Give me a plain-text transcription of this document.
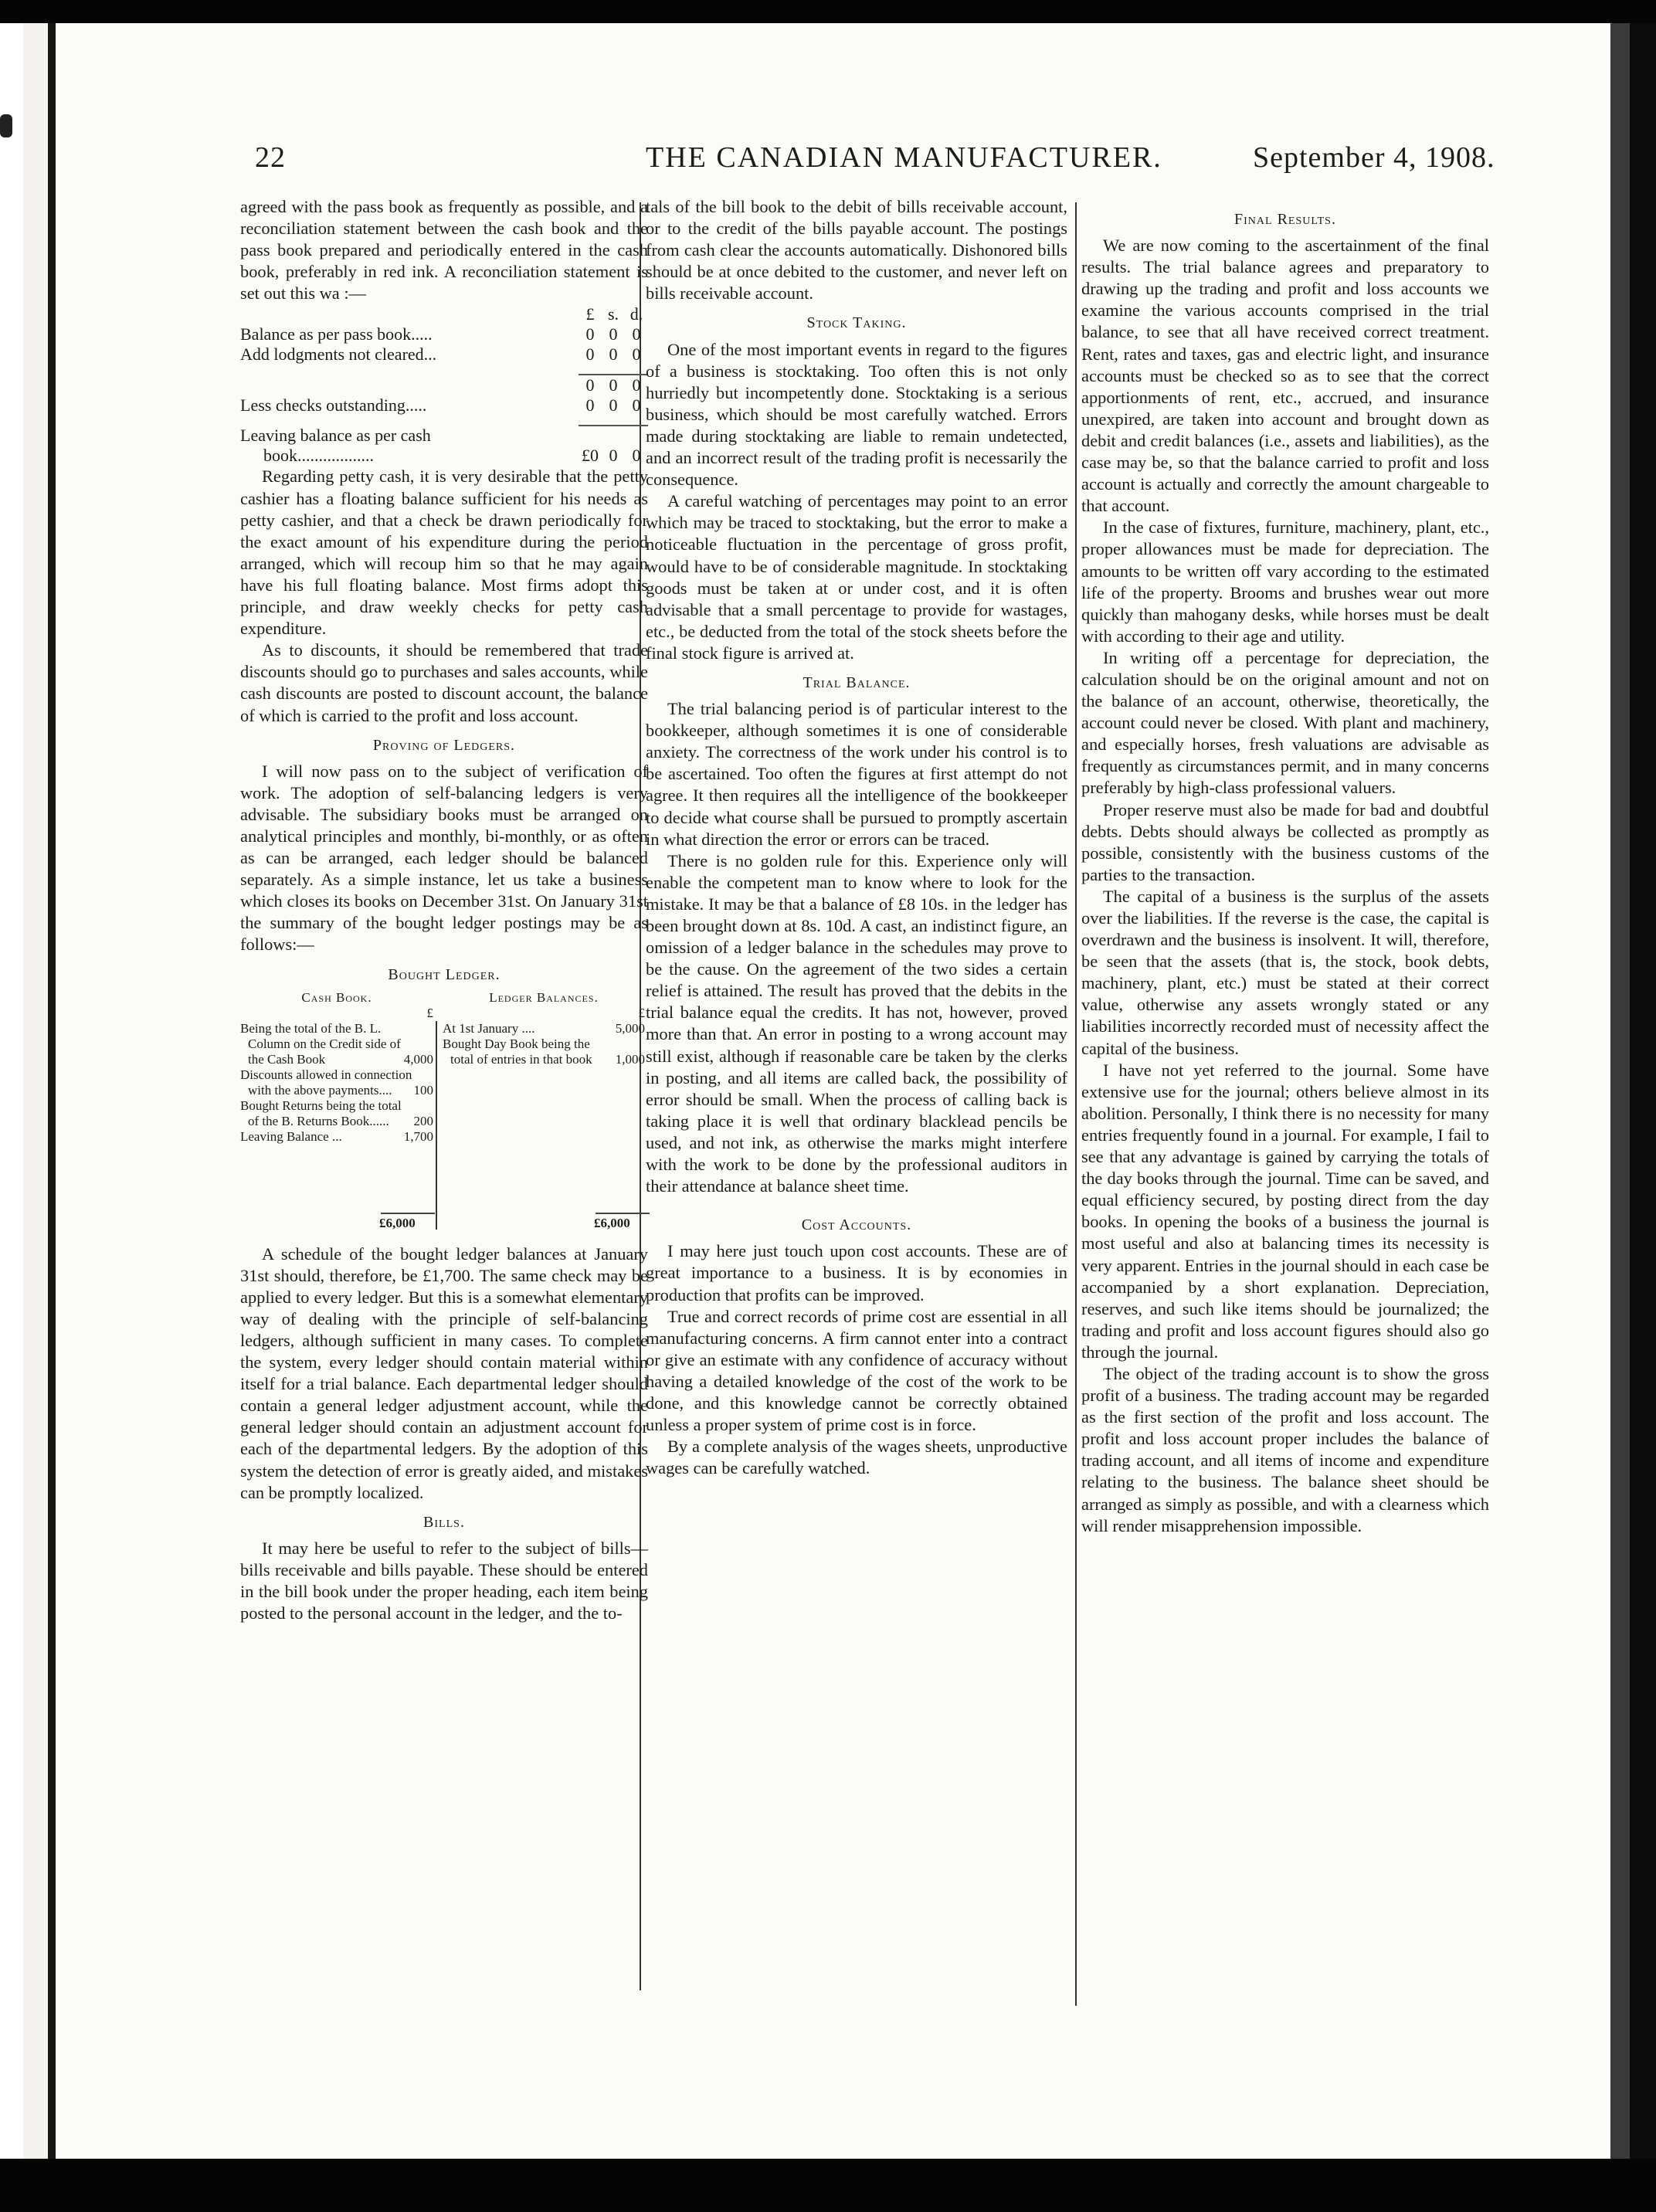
22	THE CANADIAN MANUFACTURER.	September 4, 1908.

agreed with the pass book as frequently as possible, and a reconciliation statement between the cash book and the pass book prepared and periodically entered in the cash book, preferably in red ink. A reconciliation statement is set out this wa :—

	£	s.	d.
Balance as per pass book.....	0	0	0
Add lodgments not cleared...	0	0	0

	0	0	0
Less checks outstanding.....	0	0	0

Leaving balance as per cash			
book..................	£0	0	0

Regarding petty cash, it is very desirable that the petty cashier has a floating balance sufficient for his needs as petty cashier, and that a check be drawn periodically for the exact amount of his expenditure during the period arranged, which will recoup him so that he may again have his full floating balance. Most firms adopt this principle, and draw weekly checks for petty cash expenditure.

As to discounts, it should be remembered that trade discounts should go to purchases and sales accounts, while cash discounts are posted to discount account, the balance of which is carried to the profit and loss account.

Proving of Ledgers.

I will now pass on to the subject of verification of work. The adoption of self-balancing ledgers is very advisable. The subsidiary books must be arranged on analytical principles and monthly, bi-monthly, or as often as can be arranged, each ledger should be balanced separately. As a simple instance, let us take a business which closes its books on December 31st. On January 31st the summary of the bought ledger postings may be as follows:—

Bought Ledger.
Cash Book.
£
Being the total of the B. L. Column on the Credit side of the Cash Book	4,000
Discounts allowed in connection with the above payments....	100
Bought Returns being the total of the B. Returns Book......	200
Leaving Balance ...	1,700
Ledger Balances.
£
At 1st January ....	5,000
Bought Day Book being the total of entries in that book	1,000
£6,000	£6,000

A schedule of the bought ledger balances at January 31st should, therefore, be £1,700. The same check may be applied to every ledger. But this is a somewhat elementary way of dealing with the principle of self-balancing ledgers, although sufficient in many cases. To complete the system, every ledger should contain material within itself for a trial balance. Each departmental ledger should contain a general ledger adjustment account, while the general ledger should contain an adjustment account for each of the departmental ledgers. By the adoption of this system the detection of error is greatly aided, and mistakes can be promptly localized.

Bills.

It may here be useful to refer to the subject of bills—bills receivable and bills payable. These should be entered in the bill book under the proper heading, each item being posted to the personal account in the ledger, and the to-

tals of the bill book to the debit of bills receivable account, or to the credit of the bills payable account. The postings from cash clear the accounts automatically. Dishonored bills should be at once debited to the customer, and never left on bills receivable account.

Stock Taking.

One of the most important events in regard to the figures of a business is stocktaking. Too often this is not only hurriedly but incompetently done. Stocktaking is a serious business, which should be most carefully watched. Errors made during stocktaking are liable to remain undetected, and an incorrect result of the trading profit is necessarily the consequence.

A careful watching of percentages may point to an error which may be traced to stocktaking, but the error to make a noticeable fluctuation in the percentage of gross profit, would have to be of considerable magnitude. In stocktaking goods must be taken at or under cost, and it is often advisable that a small percentage to provide for wastages, etc., be deducted from the total of the stock sheets before the final stock figure is arrived at.

Trial Balance.

The trial balancing period is of particular interest to the bookkeeper, although sometimes it is one of considerable anxiety. The correctness of the work under his control is to be ascertained. Too often the figures at first attempt do not agree. It then requires all the intelligence of the bookkeeper to decide what course shall be pursued to promptly ascertain in what direction the error or errors can be traced.

There is no golden rule for this. Experience only will enable the competent man to know where to look for the mistake. It may be that a balance of £8 10s. in the ledger has been brought down at 8s. 10d. A cast, an indistinct figure, an omission of a ledger balance in the schedules may prove to be the cause. On the agreement of the two sides a certain relief is attained. The result has proved that the debits in the trial balance equal the credits. It has not, however, proved more than that. An error in posting to a wrong account may still exist, although if reasonable care be taken by the clerks in posting, and all items are called back, the possibility of error should be small. When the process of calling back is taking place it is well that ordinary blacklead pencils be used, and not ink, as otherwise the marks might interfere with the work to be done by the professional auditors in their attendance at balance sheet time.

Cost Accounts.

I may here just touch upon cost accounts. These are of great importance to a business. It is by economies in production that profits can be improved.

True and correct records of prime cost are essential in all manufacturing concerns. A firm cannot enter into a contract or give an estimate with any confidence of accuracy without having a detailed knowledge of the cost of the work to be done, and this knowledge cannot be correctly obtained unless a proper system of prime cost is in force.

By a complete analysis of the wages sheets, unproductive wages can be carefully watched.

Final Results.

We are now coming to the ascertainment of the final results. The trial balance agrees and preparatory to drawing up the trading and profit and loss accounts we examine the various accounts comprised in the trial balance, to see that all have received correct treatment. Rent, rates and taxes, gas and electric light, and insurance accounts must be checked so as to see that the correct apportionments of rent, etc., accrued, and insurance unexpired, are taken into account and brought down as debit and credit balances (i.e., assets and liabilities), as the case may be, so that the balance carried to profit and loss account is actually and correctly the amount chargeable to that account.

In the case of fixtures, furniture, machinery, plant, etc., proper allowances must be made for depreciation. The amounts to be written off vary according to the estimated life of the property. Brooms and brushes wear out more quickly than mahogany desks, while horses must be dealt with according to their age and utility.

In writing off a percentage for depreciation, the calculation should be on the original amount and not on the balance of an account, otherwise, theoretically, the account could never be closed. With plant and machinery, and especially horses, fresh valuations are advisable as frequently as circumstances permit, and in many concerns preferably by high-class professional valuers.

Proper reserve must also be made for bad and doubtful debts. Debts should always be collected as promptly as possible, consistently with the business customs of the parties to the transaction.

The capital of a business is the surplus of the assets over the liabilities. If the reverse is the case, the capital is overdrawn and the business is insolvent. It will, therefore, be seen that the assets (that is, the stock, book debts, machinery, plant, etc.) must be stated at their correct value, otherwise any assets wrongly stated or any liabilities incorrectly recorded must of necessity affect the capital of the business.

I have not yet referred to the journal. Some have extensive use for the journal; others believe almost in its abolition. Personally, I think there is no necessity for many entries frequently found in a journal. For example, I fail to see that any advantage is gained by carrying the totals of the day books through the journal. Time can be saved, and equal efficiency secured, by posting direct from the day books. In opening the books of a business the journal is most useful and also at balancing times its necessity is very apparent. Entries in the journal should in each case be accompanied by a short explanation. Depreciation, reserves, and such like items should be journalized; the trading and profit and loss account figures should also go through the journal.

The object of the trading account is to show the gross profit of a business. The trading account may be regarded as the first section of the profit and loss account. The profit and loss account proper includes the balance of trading account, and all items of income and expenditure relating to the business. The balance sheet should be arranged as simply as possible, and with a clearness which will render misapprehension impossible.
